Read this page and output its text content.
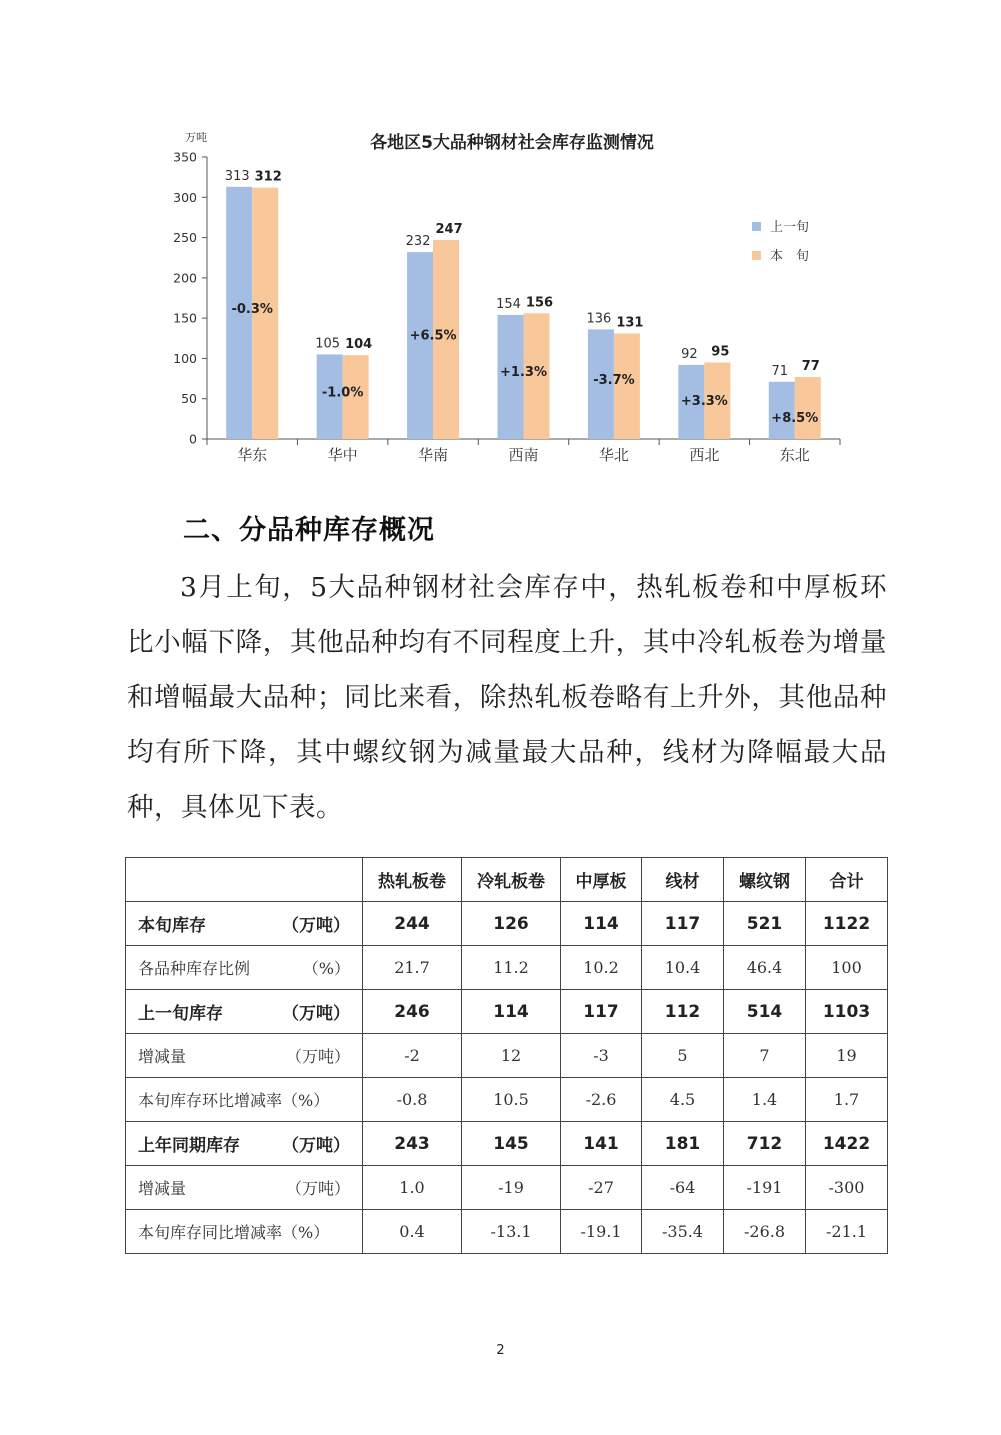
各地区5大品种钢材社会库存监测情况
万吨
0
50
100
150
200
250
300
350
313 312
-0.3%
华东
105 104
-1.0%
华中
232
247
+6.5%
华南
154 156
+1.3%
西南
136 131
-3.7%
华北
92 95
+3.3%
西北
71 77
+8.5%
东北
上一旬
本　旬
二、分品种库存概况

3月上旬，5大品种钢材社会库存中，热轧板卷和中厚板环比小幅下降，其他品种均有不同程度上升，其中冷轧板卷为增量和增幅最大品种；同比来看，除热轧板卷略有上升外，其他品种均有所下降，其中螺纹钢为减量最大品种，线材为降幅最大品种，具体见下表。

	热轧板卷	冷轧板卷	中厚板	线材	螺纹钢	合计

本旬库存 （万吨）	244	126	114	117	521	1122

各品种库存比例 （%）	21.7	11.2	10.2	10.4	46.4	100

上一旬库存 （万吨）	246	114	117	112	514	1103

增减量 （万吨）	-2	12	-3	5	7	19

本旬库存环比增减率（%）	-0.8	10.5	-2.6	4.5	1.4	1.7

上年同期库存 （万吨）	243	145	141	181	712	1422

增减量 （万吨）	1.0	-19	-27	-64	-191	-300

本旬库存同比增减率（%）	0.4	-13.1	-19.1	-35.4	-26.8	-21.1
2
